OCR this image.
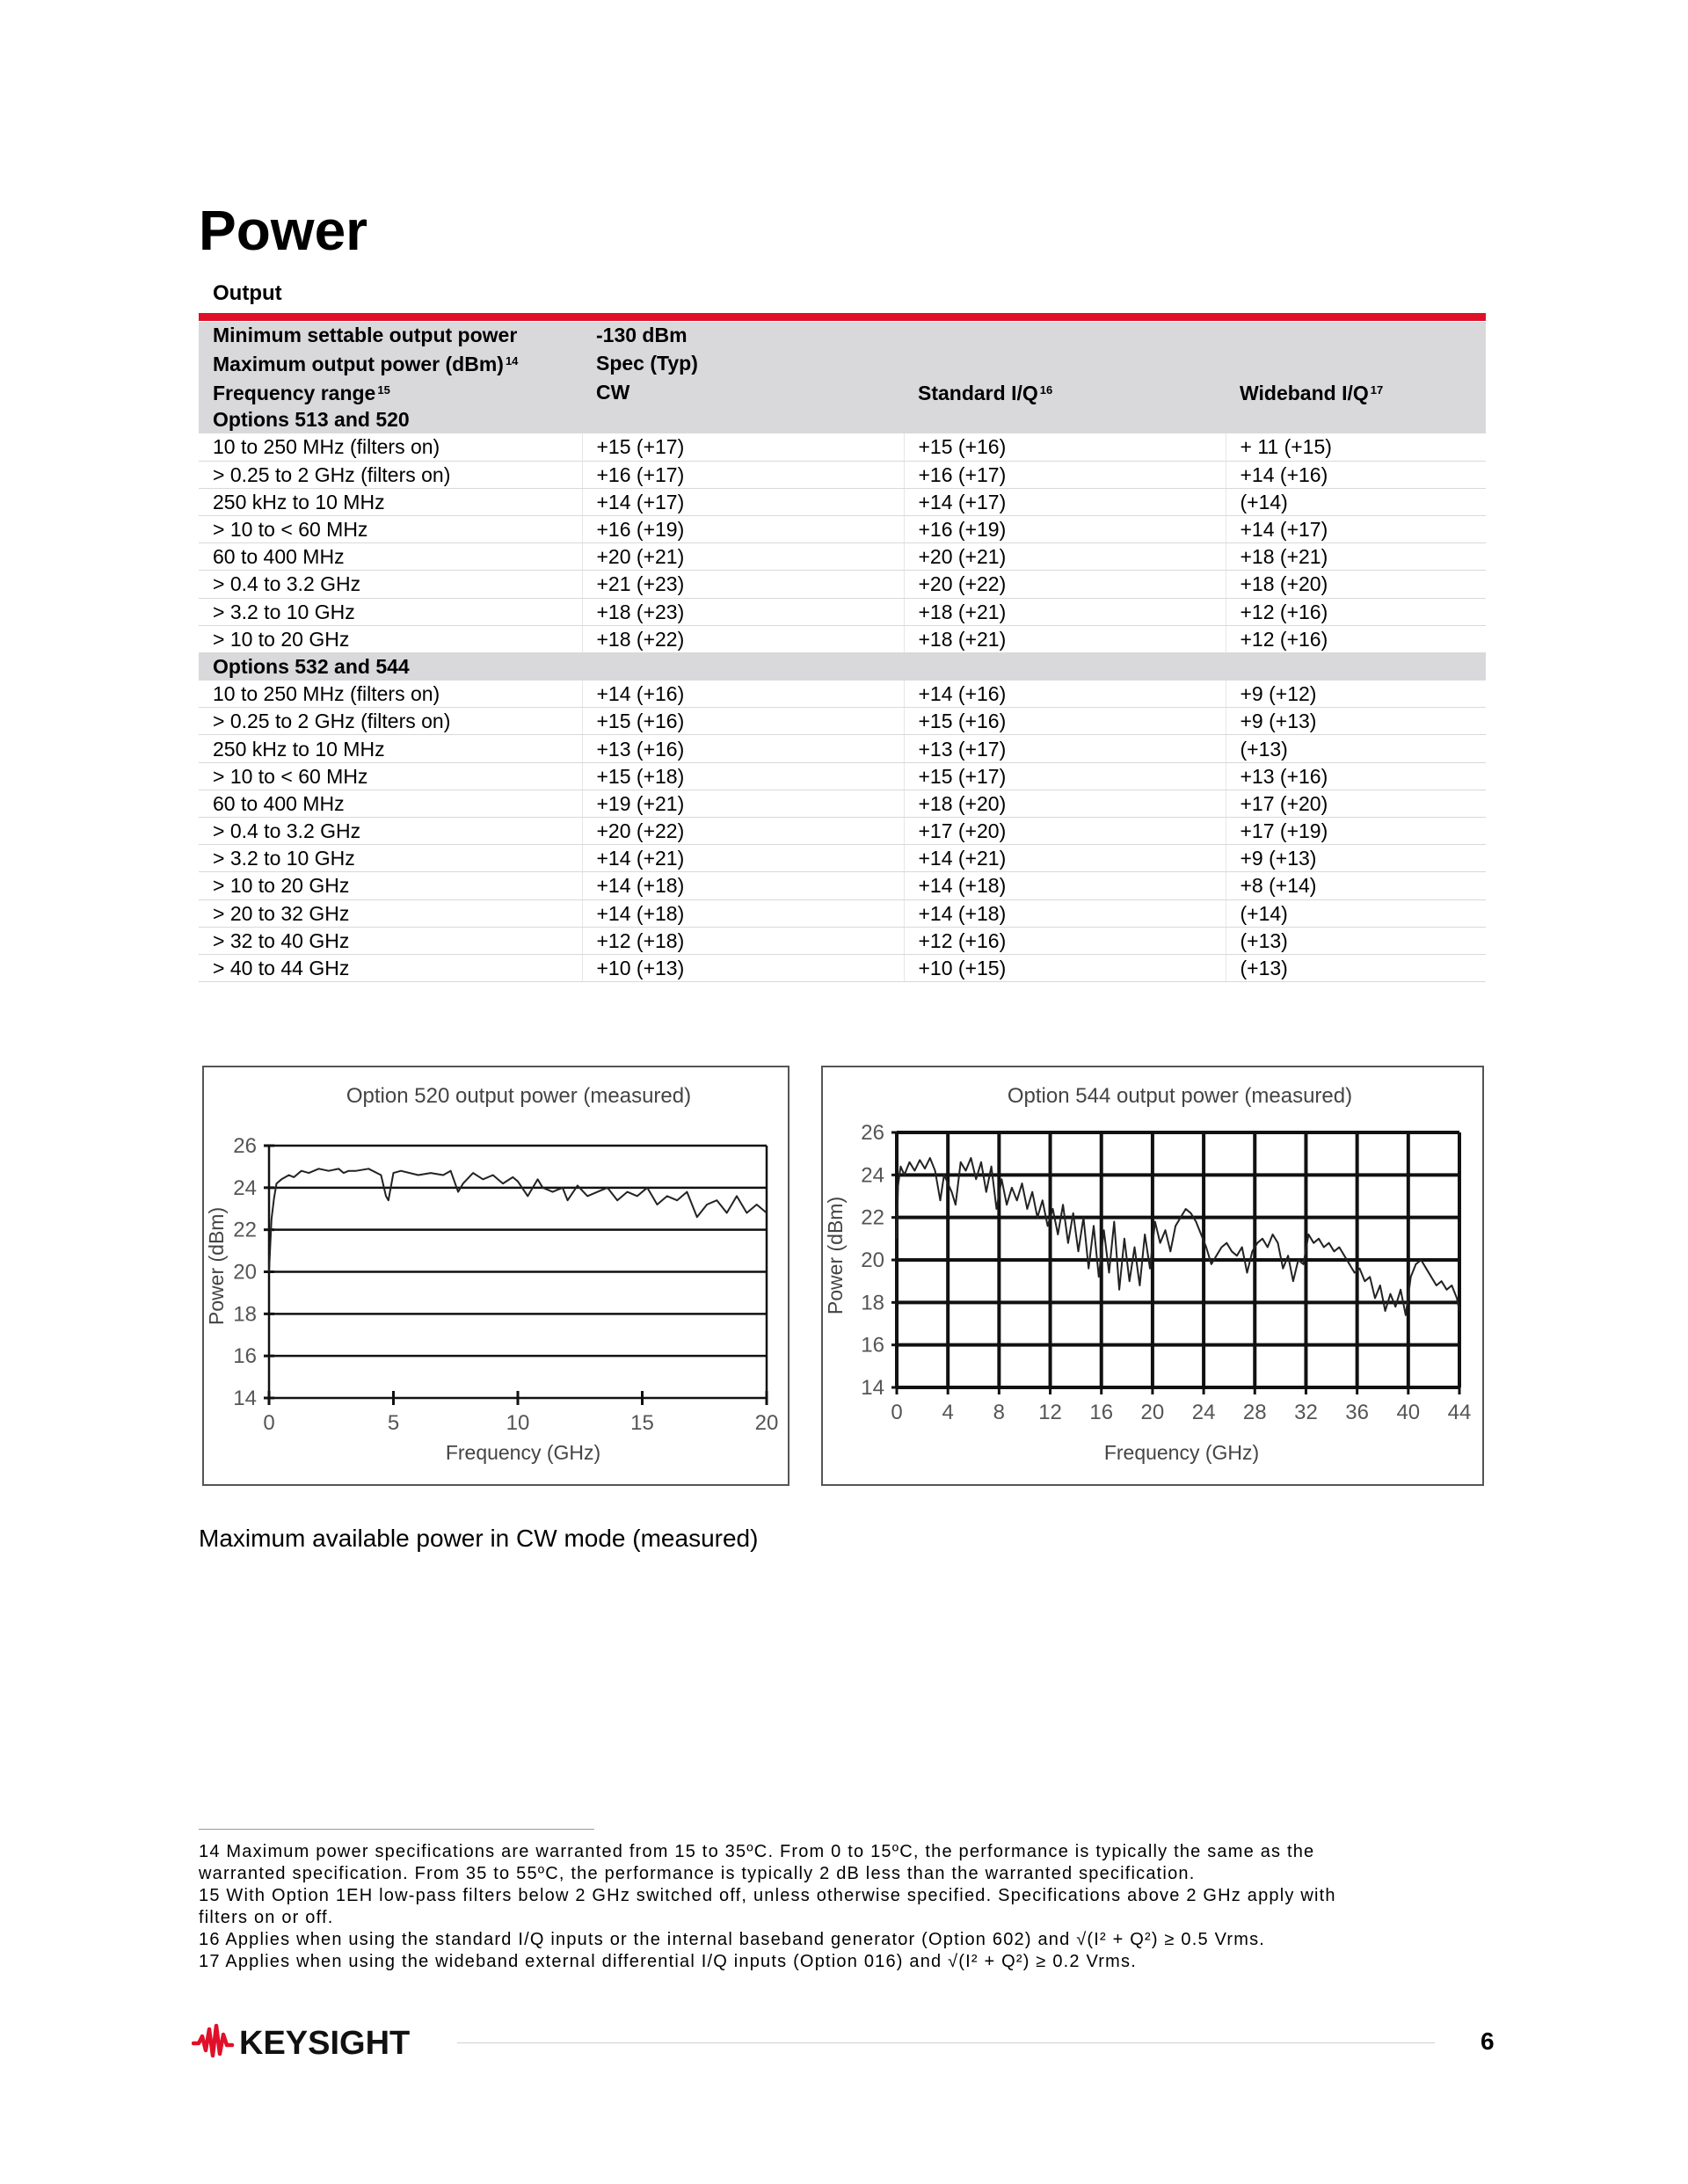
Power
Output
Minimum settable output power	-130 dBm		
Maximum output power (dBm) $^{14}$	Spec (Typ)		
Frequency range $^{15}$	CW	Standard I/Q $^{16}$	Wideband I/Q $^{17}$
Options 513 and 520			
10 to 250 MHz (filters on)	+15 (+17)	+15 (+16)	+ 11 (+15)
> 0.25 to 2 GHz (filters on)	+16 (+17)	+16 (+17)	+14 (+16)
250 kHz to 10 MHz	+14 (+17)	+14 (+17)	(+14)
> 10 to < 60 MHz	+16 (+19)	+16 (+19)	+14 (+17)
60 to 400 MHz	+20 (+21)	+20 (+21)	+18 (+21)
> 0.4 to 3.2 GHz	+21 (+23)	+20 (+22)	+18 (+20)
> 3.2 to 10 GHz	+18 (+23)	+18 (+21)	+12 (+16)
> 10 to 20 GHz	+18 (+22)	+18 (+21)	+12 (+16)
Options 532 and 544			
10 to 250 MHz (filters on)	+14 (+16)	+14 (+16)	+9 (+12)
> 0.25 to 2 GHz (filters on)	+15 (+16)	+15 (+16)	+9 (+13)
250 kHz to 10 MHz	+13 (+16)	+13 (+17)	(+13)
> 10 to < 60 MHz	+15 (+18)	+15 (+17)	+13 (+16)
60 to 400 MHz	+19 (+21)	+18 (+20)	+17 (+20)
> 0.4 to 3.2 GHz	+20 (+22)	+17 (+20)	+17 (+19)
> 3.2 to 10 GHz	+14 (+21)	+14 (+21)	+9 (+13)
> 10 to 20 GHz	+14 (+18)	+14 (+18)	+8 (+14)
> 20 to 32 GHz	+14 (+18)	+14 (+18)	(+14)
> 32 to 40 GHz	+12 (+18)	+12 (+16)	(+13)
> 40 to 44 GHz	+10 (+13)	+10 (+15)	(+13)
Option 520 output power (measured)
Frequency (GHz)
Power (dBm)
14
16
18
20
22
24
26
0	5	10	15	20
Option 544 output power (measured)
Frequency (GHz)
Power (dBm)
14
16
18
20
22
24
26
0 4 8 12 16 20 24 28 32 36 40 44
Maximum available power in CW mode (measured)
14 Maximum power specifications are warranted from 15 to 35ºC. From 0 to 15ºC, the performance is typically the same as the
warranted specification. From 35 to 55ºC, the performance is typically 2 dB less than the warranted specification.
15 With Option 1EH low-pass filters below 2 GHz switched off, unless otherwise specified. Specifications above 2 GHz apply with
filters on or off.
16 Applies when using the standard I/Q inputs or the internal baseband generator (Option 602) and √(I² + Q²) ≥ 0.5 Vrms.
17 Applies when using the wideband external differential I/Q inputs (Option 016) and √(I² + Q²) ≥ 0.2 Vrms.
KEYSIGHT	6
